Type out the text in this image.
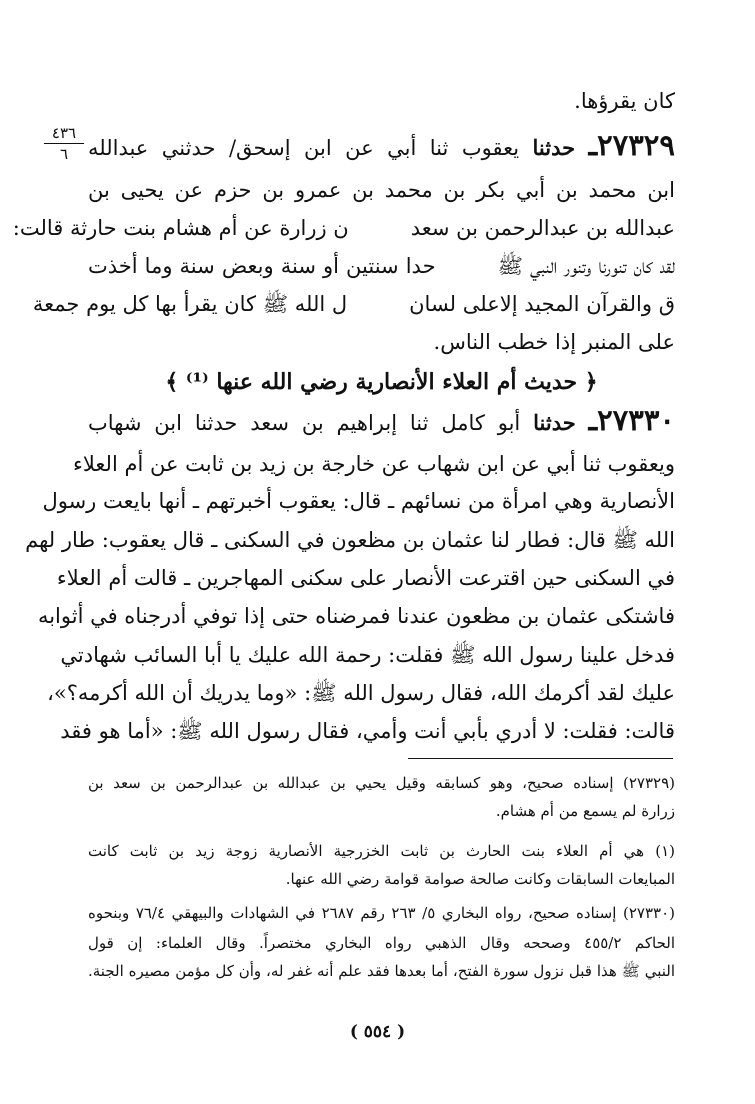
كان يقرؤها.
٢٧٣٢٩ـ حدثنا يعقوب ثنا أبي عن ابن إسحق/ حدثني عبدالله
٤٣٦
٦
ابن محمد بن أبي بكر بن محمد بن عمرو بن حزم عن يحيى بن
عبدالله بن عبدالرحمن بن سعدن زرارة عن أم هشام بنت حارثة قالت:
لقد كان تنورنا وتنور النبي ﷺحدا سنتين أو سنة وبعض سنة وما أخذت
ق والقرآن المجيد إلاعلى لسانل الله ﷺ كان يقرأ بها كل يوم جمعة
على المنبر إذا خطب الناس.
﴿ حديث أم العلاء الأنصارية رضي الله عنها ⁽¹⁾ ﴾
٢٧٣٣٠ـ حدثنا أبو كامل ثنا إبراهيم بن سعد حدثنا ابن شهاب
ويعقوب ثنا أبي عن ابن شهاب عن خارجة بن زيد بن ثابت عن أم العلاء
الأنصارية وهي امرأة من نسائهم ـ قال: يعقوب أخبرتهم ـ أنها بايعت رسول
الله ﷺ قال: فطار لنا عثمان بن مظعون في السكنى ـ قال يعقوب: طار لهم
في السكنى حين اقترعت الأنصار على سكنى المهاجرين ـ قالت أم العلاء
فاشتكى عثمان بن مظعون عندنا فمرضناه حتى إذا توفي أدرجناه في أثوابه
فدخل علينا رسول الله ﷺ فقلت: رحمة الله عليك يا أبا السائب شهادتي
عليك لقد أكرمك الله، فقال رسول الله ﷺ: «وما يدريك أن الله أكرمه؟»،
قالت: فقلت: لا أدري بأبي أنت وأمي، فقال رسول الله ﷺ: «أما هو فقد
(٢٧٣٢٩) إسناده صحيح، وهو كسابقه وقيل يحيي بن عبدالله بن عبدالرحمن بن سعد بن
زرارة لم يسمع من أم هشام.
(١) هي أم العلاء بنت الحارث بن ثابت الخزرجية الأنصارية زوجة زيد بن ثابت كانت
المبايعات السابقات وكانت صالحة صوامة قوامة رضي الله عنها.
(٢٧٣٣٠) إسناده صحيح، رواه البخاري ٥/ ٢٦٣ رقم ٢٦٨٧ في الشهادات والبيهقي ٧٦/٤ وبنحوه
الحاكم ٤٥٥/٢ وصححه وقال الذهبي رواه البخاري مختصراً. وقال العلماء: إن قول
النبي ﷺ هذا قبل نزول سورة الفتح، أما بعدها فقد علم أنه غفر له، وأن كل مؤمن مصيره الجنة.
( ٥٥٤ )
